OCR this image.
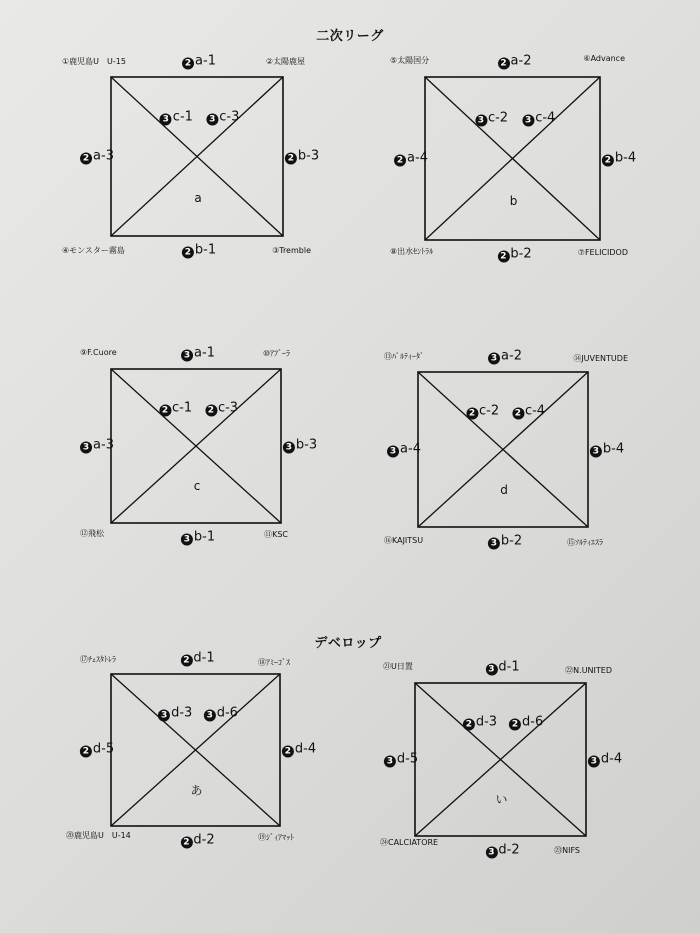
二次リーグ
デベロップ
2 a-1
2 b-1
2 a-3	2 b-3
3 c-1	3 c-3
a
①鹿児島U　U-15	②太陽鹿屋
④モンスター霧島	③Tremble
2 a-2
2 b-2
2 a-4	2 b-4
3 c-2	3 c-4
b
⑤太陽国分	⑥Advance
⑧出水ｾﾝﾄﾗﾙ	⑦FELICIDOD
3 a-1
3 b-1
3 a-3	3 b-3
2 c-1	2 c-3
c
⑨F.Cuore	⑩ｱﾌﾞｰﾗ
⑫飛松	⑪KSC
3 a-2
3 b-2
3 a-4	3 b-4
2 c-2	2 c-4
d
⑬ﾊﾟﾙﾃｨｰﾀﾞ	⑭JUVENTUDE
⑯KAJITSU	⑮ｿﾙﾃｨｴｽﾗ
2 d-1
2 d-2
2 d-5	2 d-4
3 d-3	3 d-6
あ
⑰ﾁｪｽﾀﾄﾚﾗ	⑱ｱﾐｰｺﾞｽ
⑳鹿児島U　U-14	⑲ｼﾞｨｱﾏｯﾄ
3 d-1
3 d-2
3 d-5	3 d-4
2 d-3	2 d-6
い
㉑U日置	㉒N.UNITED
㉔CALCIATORE
㉓NIFS
